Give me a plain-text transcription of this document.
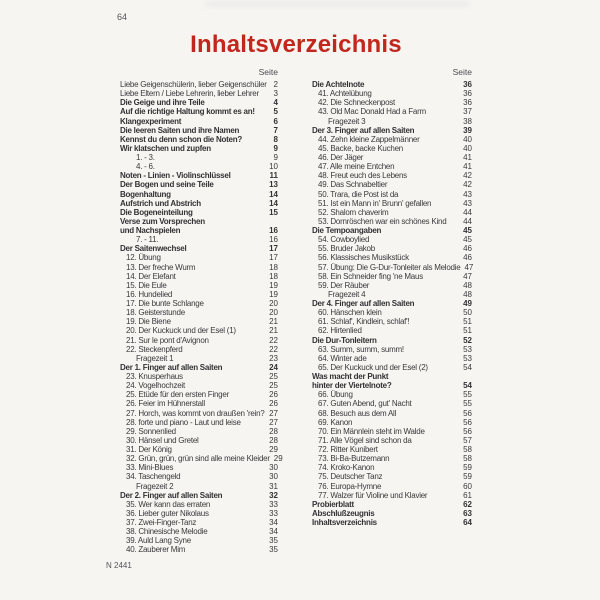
64
Inhaltsverzeichnis
Seite
Liebe Geigenschülerin, lieber Geigenschüler 2
Liebe Eltern / Liebe Lehrerin, lieber Lehrer 3
Die Geige und ihre Teile	4
Auf die richtige Haltung kommt es an! 5
Klangexperiment	6
Die leeren Saiten und ihre Namen	7
Kennst du denn schon die Noten?	8
Wir klatschen und zupfen	9
1. - 3.	9
4. - 6.	10
Noten - Linien - Violinschlüssel	11
Der Bogen und seine Teile	13
Bogenhaltung	14
Aufstrich und Abstrich	14
Die Bogeneinteilung	15
Verse zum Vorsprechen
und Nachspielen	16
7. - 11.	16
Der Saitenwechsel	17
12. Übung	17
13. Der freche Wurm	18
14. Der Elefant	18
15. Die Eule	19
16. Hundelied	19
17. Die bunte Schlange	20
18. Geisterstunde	20
19. Die Biene	21
20. Der Kuckuck und der Esel (1)	21
21. Sur le pont d'Avignon	22
22. Steckenpferd	22
Fragezeit 1	23
Der 1. Finger auf allen Saiten	24
23. Knusperhaus	25
24. Vogelhochzeit	25
25. Etüde für den ersten Finger	26
26. Feier im Hühnerstall	26
27. Horch, was kommt von draußen 'rein? 27
28. forte und piano - Laut und leise	27
29. Sonnenlied	28
30. Hänsel und Gretel	28
31. Der König	29
32. Grün, grün, grün sind alle meine Kleider 29
33. Mini-Blues	30
34. Taschengeld	30
Fragezeit 2	31
Der 2. Finger auf allen Saiten	32
35. Wer kann das erraten	33
36. Lieber guter Nikolaus	33
37. Zwei-Finger-Tanz	34
38. Chinesische Melodie	34
39. Auld Lang Syne	35
40. Zauberer Mim	35
Seite
Die Achtelnote	36
41. Achtelübung	36
42. Die Schneckenpost	36
43. Old Mac Donald Had a Farm	37
Fragezeit 3	38
Der 3. Finger auf allen Saiten	39
44. Zehn kleine Zappelmänner	40
45. Backe, backe Kuchen	40
46. Der Jäger	41
47. Alle meine Entchen	41
48. Freut euch des Lebens	42
49. Das Schnabeltier	42
50. Trara, die Post ist da	43
51. Ist ein Mann in' Brunn' gefallen	43
52. Shalom chaverim	44
53. Dornröschen war ein schönes Kind 44
Die Tempoangaben	45
54. Cowboylied	45
55. Bruder Jakob	46
56. Klassisches Musikstück	46
57. Übung: Die G-Dur-Tonleiter als Melodie 47
58. Ein Schneider fing 'ne Maus	47
59. Der Räuber	48
Fragezeit 4	48
Der 4. Finger auf allen Saiten	49
60. Hänschen klein	50
61. Schlaf', Kindlein, schlaf'!	51
62. Hirtenlied	51
Die Dur-Tonleitern	52
63. Summ, summ, summ!	53
64. Winter ade	53
65. Der Kuckuck und der Esel (2)	54
Was macht der Punkt
hinter der Viertelnote?	54
66. Übung	55
67. Guten Abend, gut' Nacht	55
68. Besuch aus dem All	56
69. Kanon	56
70. Ein Männlein steht im Walde	56
71. Alle Vögel sind schon da	57
72. Ritter Kunibert	58
73. Bi-Ba-Butzemann	58
74. Kroko-Kanon	59
75. Deutscher Tanz	59
76. Europa-Hymne	60
77. Walzer für Violine und Klavier	61
Probierblatt	62
Abschlußzeugnis	63
Inhaltsverzeichnis	64
N 2441
